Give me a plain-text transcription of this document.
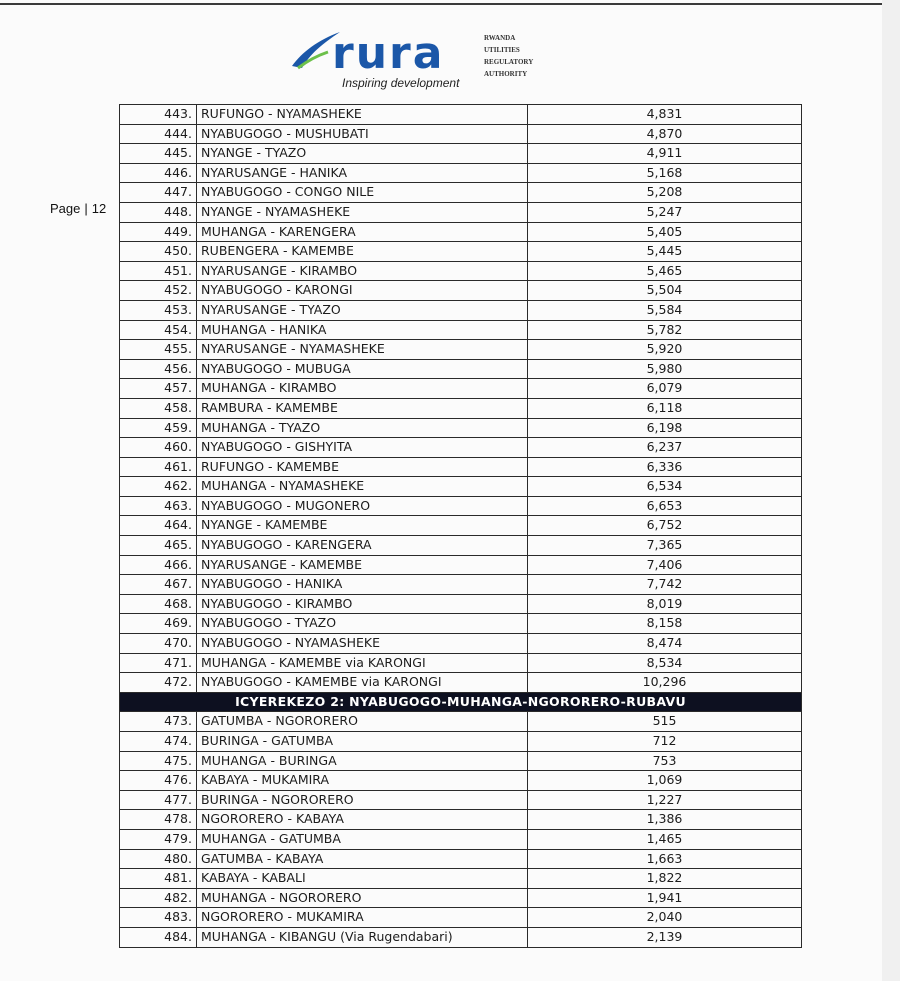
rura
Inspiring development
RWANDA
UTILITIES
REGULATORY
AUTHORITY
Page | 12
443.	RUFUNGO - NYAMASHEKE	4,831
444.	NYABUGOGO - MUSHUBATI	4,870
445.	NYANGE - TYAZO	4,911
446.	NYARUSANGE - HANIKA	5,168
447.	NYABUGOGO - CONGO NILE	5,208
448.	NYANGE - NYAMASHEKE	5,247
449.	MUHANGA - KARENGERA	5,405
450.	RUBENGERA - KAMEMBE	5,445
451.	NYARUSANGE - KIRAMBO	5,465
452.	NYABUGOGO - KARONGI	5,504
453.	NYARUSANGE - TYAZO	5,584
454.	MUHANGA - HANIKA	5,782
455.	NYARUSANGE - NYAMASHEKE	5,920
456.	NYABUGOGO - MUBUGA	5,980
457.	MUHANGA - KIRAMBO	6,079
458.	RAMBURA - KAMEMBE	6,118
459.	MUHANGA - TYAZO	6,198
460.	NYABUGOGO - GISHYITA	6,237
461.	RUFUNGO - KAMEMBE	6,336
462.	MUHANGA - NYAMASHEKE	6,534
463.	NYABUGOGO - MUGONERO	6,653
464.	NYANGE - KAMEMBE	6,752
465.	NYABUGOGO - KARENGERA	7,365
466.	NYARUSANGE - KAMEMBE	7,406
467.	NYABUGOGO - HANIKA	7,742
468.	NYABUGOGO - KIRAMBO	8,019
469.	NYABUGOGO - TYAZO	8,158
470.	NYABUGOGO - NYAMASHEKE	8,474
471.	MUHANGA - KAMEMBE via KARONGI	8,534
472.	NYABUGOGO - KAMEMBE via KARONGI	10,296
ICYEREKEZO 2: NYABUGOGO-MUHANGA-NGORORERO-RUBAVU		
473.	GATUMBA - NGORORERO	515
474.	BURINGA - GATUMBA	712
475.	MUHANGA - BURINGA	753
476.	KABAYA - MUKAMIRA	1,069
477.	BURINGA - NGORORERO	1,227
478.	NGORORERO - KABAYA	1,386
479.	MUHANGA - GATUMBA	1,465
480.	GATUMBA - KABAYA	1,663
481.	KABAYA - KABALI	1,822
482.	MUHANGA - NGORORERO	1,941
483.	NGORORERO - MUKAMIRA	2,040
484.	MUHANGA - KIBANGU (Via Rugendabari)	2,139
